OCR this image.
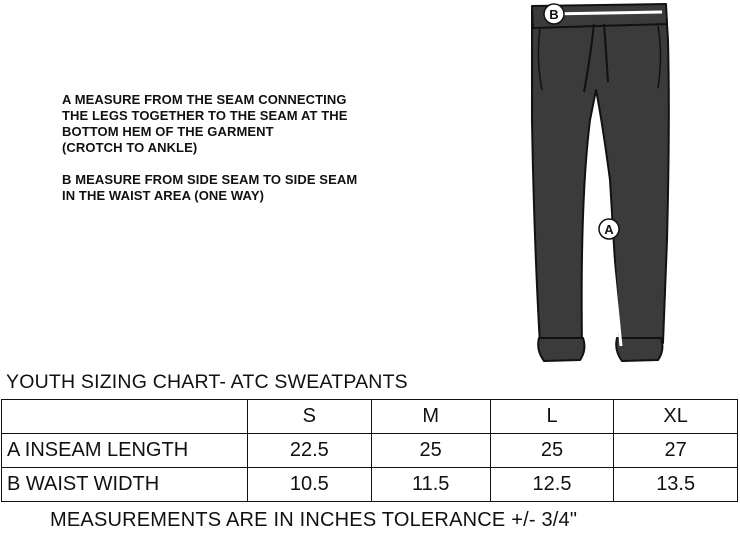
A MEASURE FROM THE SEAM CONNECTING
THE LEGS TOGETHER TO THE SEAM AT THE
BOTTOM HEM OF THE GARMENT
(CROTCH TO ANKLE)
B MEASURE FROM SIDE SEAM TO SIDE SEAM
IN THE WAIST AREA (ONE WAY)
B
A
YOUTH SIZING CHART- ATC SWEATPANTS
	S	M	L	XL
A INSEAM LENGTH	22.5	25	25	27
B WAIST WIDTH	10.5	11.5	12.5	13.5
MEASUREMENTS ARE IN INCHES TOLERANCE +/- 3/4"
